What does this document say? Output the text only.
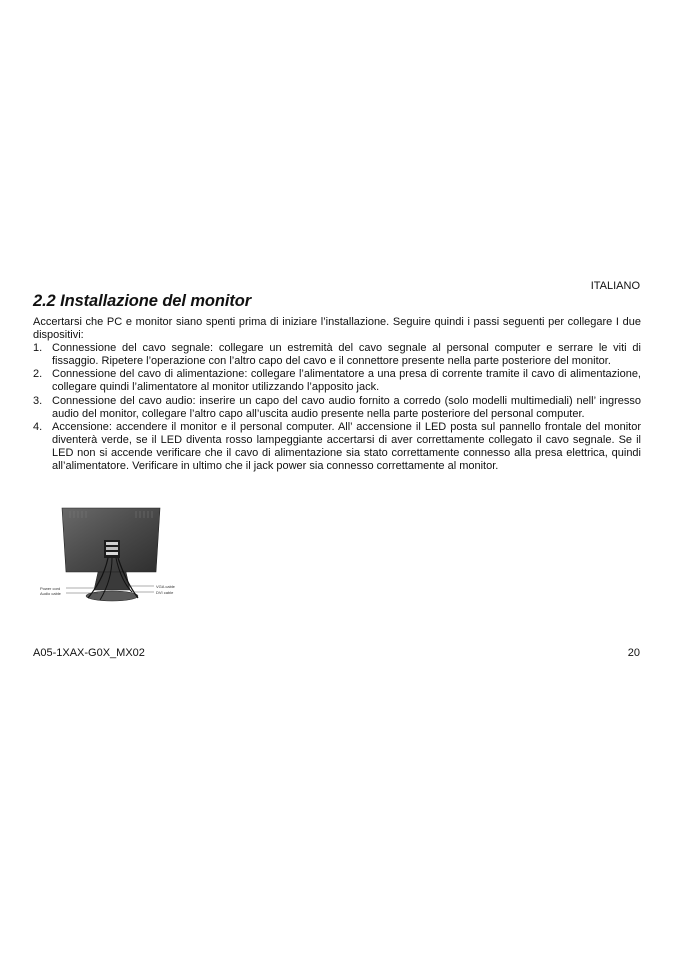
ITALIANO
2.2 Installazione del monitor

Accertarsi che PC e monitor siano spenti prima di iniziare l’installazione. Seguire quindi i passi seguenti per collegare I due dispositivi:

1. Connessione del cavo segnale: collegare un estremità del cavo segnale al personal computer e serrare le viti di fissaggio. Ripetere l’operazione con l’altro capo del cavo e il connettore presente nella parte posteriore del monitor.
2. Connessione del cavo di alimentazione: collegare l’alimentatore a una presa di corrente tramite il cavo di alimentazione, collegare quindi l’alimentatore al monitor utilizzando l’apposito jack.
3. Connessione del cavo audio: inserire un capo del cavo audio fornito a corredo (solo modelli multimediali) nell’ ingresso audio del monitor, collegare l’altro capo all’uscita audio presente nella parte posteriore del personal computer.
4. Accensione: accendere il monitor e il personal computer. All’ accensione il LED posta sul pannello frontale del monitor diventerà verde, se il LED diventa rosso lampeggiante accertarsi di aver correttamente collegato il cavo segnale. Se il LED non si accende verificare che il cavo di alimentazione sia stato correttamente connesso alla presa elettrica, quindi all’alimentatore. Verificare in ultimo che il jack power sia connesso correttamente al monitor.
Power cord
Audio cable
VGA cable
DVI cable
A05-1XAX-G0X_MX02	20
